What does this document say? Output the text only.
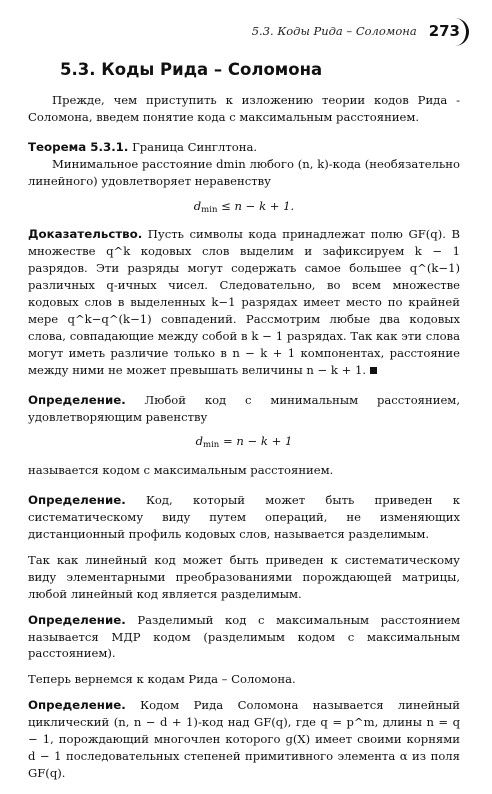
5.3. Коды Рида – Соломона 273
5.3. Коды Рида – Соломона

Прежде, чем приступить к изложению теории кодов Рида - Соломона, введем понятие кода с максимальным расстоянием.

Теорема 5.3.1. Граница Синглтона.

Минимальное расстояние dmin любого (n, k)-кода (необязательно линейного) удовлетворяет неравенству

$d_{min} \le n - k + 1$.

Доказательство. Пусть символы кода принадлежат полю GF(q). В множестве q^k кодовых слов выделим и зафиксируем k − 1 разрядов. Эти разряды могут содержать самое большее q^(k−1) различных q-ичных чисел. Следовательно, во всем множестве кодовых слов в выделенных k−1 разрядах имеет место по крайней мере q^k−q^(k−1) совпадений. Рассмотрим любые два кодовых слова, совпадающие между собой в k − 1 разрядах. Так как эти слова могут иметь различие только в n − k + 1 компонентах, расстояние между ними не может превышать величины n − k + 1.

Определение. Любой код с минимальным расстоянием, удовлетворяющим равенству

$d_{min} = n - k + 1$

называется кодом с максимальным расстоянием.

Определение. Код, который может быть приведен к систематическому виду путем операций, не изменяющих дистанционный профиль кодовых слов, называется разделимым.

Так как линейный код может быть приведен к систематическому виду элементарными преобразованиями порождающей матрицы, любой линейный код является разделимым.

Определение. Разделимый код с максимальным расстоянием называется МДР кодом (разделимым кодом с максимальным расстоянием).

Теперь вернемся к кодам Рида – Соломона.

Определение. Кодом Рида Соломона называется линейный циклический (n, n − d + 1)-код над GF(q), где q = p^m, длины n = q − 1, порождающий многочлен которого g(X) имеет своими корнями d − 1 последовательных степеней примитивного элемента α из поля GF(q).
